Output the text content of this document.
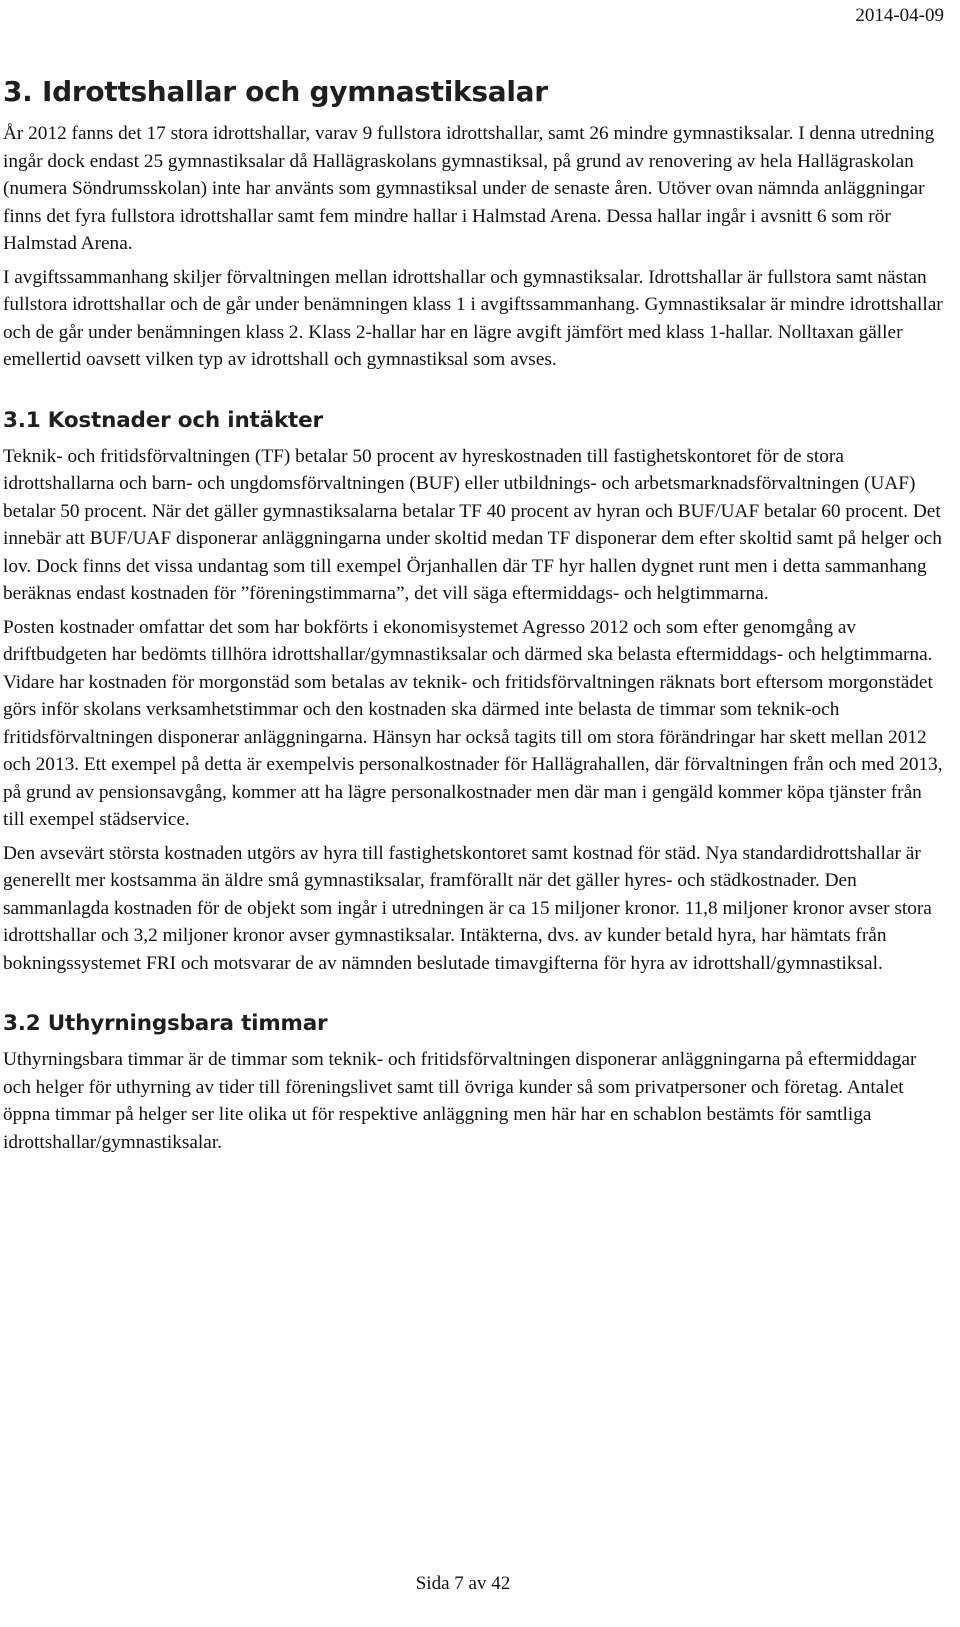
2014-04-09
3. Idrottshallar och gymnastiksalar

År 2012 fanns det 17 stora idrottshallar, varav 9 fullstora idrottshallar, samt 26 mindre gymnastiksalar. I denna utredning ingår dock endast 25 gymnastiksalar då Hallägraskolans gymnastiksal, på grund av renovering av hela Hallägraskolan (numera Söndrumsskolan) inte har använts som gymnastiksal under de senaste åren. Utöver ovan nämnda anläggningar finns det fyra fullstora idrottshallar samt fem mindre hallar i Halmstad Arena. Dessa hallar ingår i avsnitt 6 som rör Halmstad Arena.

I avgiftssammanhang skiljer förvaltningen mellan idrottshallar och gymnastiksalar. Idrottshallar är fullstora samt nästan fullstora idrottshallar och de går under benämningen klass 1 i avgiftssammanhang. Gymnastiksalar är mindre idrottshallar och de går under benämningen klass 2. Klass 2-hallar har en lägre avgift jämfört med klass 1-hallar. Nolltaxan gäller emellertid oavsett vilken typ av idrottshall och gymnastiksal som avses.

3.1 Kostnader och intäkter

Teknik- och fritidsförvaltningen (TF) betalar 50 procent av hyreskostnaden till fastighetskontoret för de stora idrottshallarna och barn- och ungdomsförvaltningen (BUF) eller utbildnings- och arbetsmarknadsförvaltningen (UAF) betalar 50 procent. När det gäller gymnastiksalarna betalar TF 40 procent av hyran och BUF/UAF betalar 60 procent. Det innebär att BUF/UAF disponerar anläggningarna under skoltid medan TF disponerar dem efter skoltid samt på helger och lov. Dock finns det vissa undantag som till exempel Örjanhallen där TF hyr hallen dygnet runt men i detta sammanhang beräknas endast kostnaden för ”föreningstimmarna”, det vill säga eftermiddags- och helgtimmarna.

Posten kostnader omfattar det som har bokförts i ekonomisystemet Agresso 2012 och som efter genomgång av driftbudgeten har bedömts tillhöra idrottshallar/gymnastiksalar och därmed ska belasta eftermiddags- och helgtimmarna. Vidare har kostnaden för morgonstäd som betalas av teknik- och fritidsförvaltningen räknats bort eftersom morgonstädet görs inför skolans verksamhetstimmar och den kostnaden ska därmed inte belasta de timmar som teknik-och fritidsförvaltningen disponerar anläggningarna. Hänsyn har också tagits till om stora förändringar har skett mellan 2012 och 2013. Ett exempel på detta är exempelvis personalkostnader för Hallägrahallen, där förvaltningen från och med 2013, på grund av pensionsavgång, kommer att ha lägre personalkostnader men där man i gengäld kommer köpa tjänster från till exempel städservice.

Den avsevärt största kostnaden utgörs av hyra till fastighetskontoret samt kostnad för städ. Nya standardidrottshallar är generellt mer kostsamma än äldre små gymnastiksalar, framförallt när det gäller hyres- och städkostnader. Den sammanlagda kostnaden för de objekt som ingår i utredningen är ca 15 miljoner kronor. 11,8 miljoner kronor avser stora idrottshallar och 3,2 miljoner kronor avser gymnastiksalar. Intäkterna, dvs. av kunder betald hyra, har hämtats från bokningssystemet FRI och motsvarar de av nämnden beslutade timavgifterna för hyra av idrottshall/gymnastiksal.

3.2 Uthyrningsbara timmar

Uthyrningsbara timmar är de timmar som teknik- och fritidsförvaltningen disponerar anläggningarna på eftermiddagar och helger för uthyrning av tider till föreningslivet samt till övriga kunder så som privatpersoner och företag. Antalet öppna timmar på helger ser lite olika ut för respektive anläggning men här har en schablon bestämts för samtliga idrottshallar/gymnastiksalar.

Sida 7 av 42
